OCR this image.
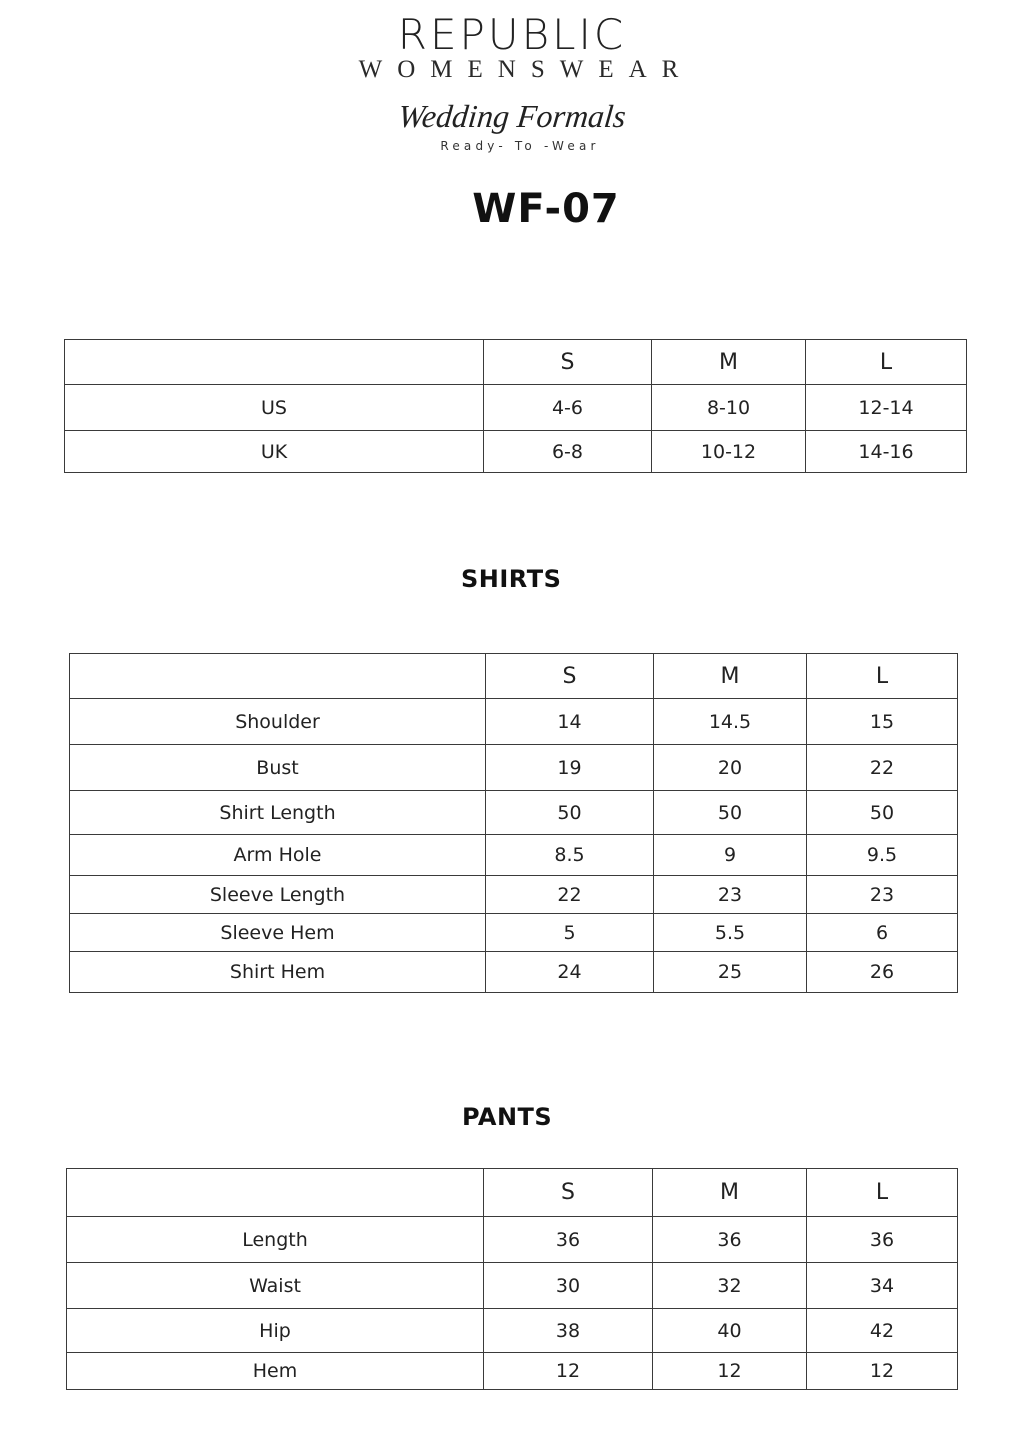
REPUBLIC
WOMENSWEAR
Wedding Formals
Ready- To -Wear
WF-07
	S	M	L
US	4-6	8-10	12-14
UK	6-8	10-12	14-16
SHIRTS
	S	M	L
Shoulder	14	14.5	15
Bust	19	20	22
Shirt Length	50	50	50
Arm Hole	8.5	9	9.5
Sleeve Length	22	23	23
Sleeve Hem	5	5.5	6
Shirt Hem	24	25	26
PANTS
	S	M	L
Length	36	36	36
Waist	30	32	34
Hip	38	40	42
Hem	12	12	12
